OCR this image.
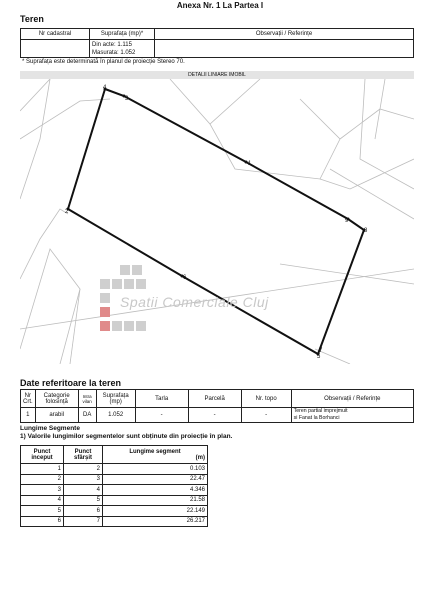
Anexa Nr. 1 La Partea I
Teren
Nr cadastral	Suprafața (mp)*	Observații / Referințe

	Din acte: 1.115
Masurata: 1.052	

* Suprafața este determinată în planul de proiecție Stereo 70.
DETALII LINIARE IMOBIL
1
2
3
4
5
6
7
8
9
Spatii Comerciale Cluj
Date referitoare la teren
Nr Crt.	Categorie folosință	Intra vilan	Suprafața (mp)	Tarla	Parcelă	Nr. topo	Observații / Referințe
1	arabil	DA	1.052	-	-	-	Teren partial imprejmuit
si Fanat la Borhanci
Lungime Segmente
1) Valorile lungimilor segmentelor sunt obținute din proiecție în plan.
Punct inceput	Punct sfârșit	Lungime segment
(m)

1	2	0.103
2	3	22.47
3	4	4.346
4	5	21.58
5	6	22.149
6	7	26.217
